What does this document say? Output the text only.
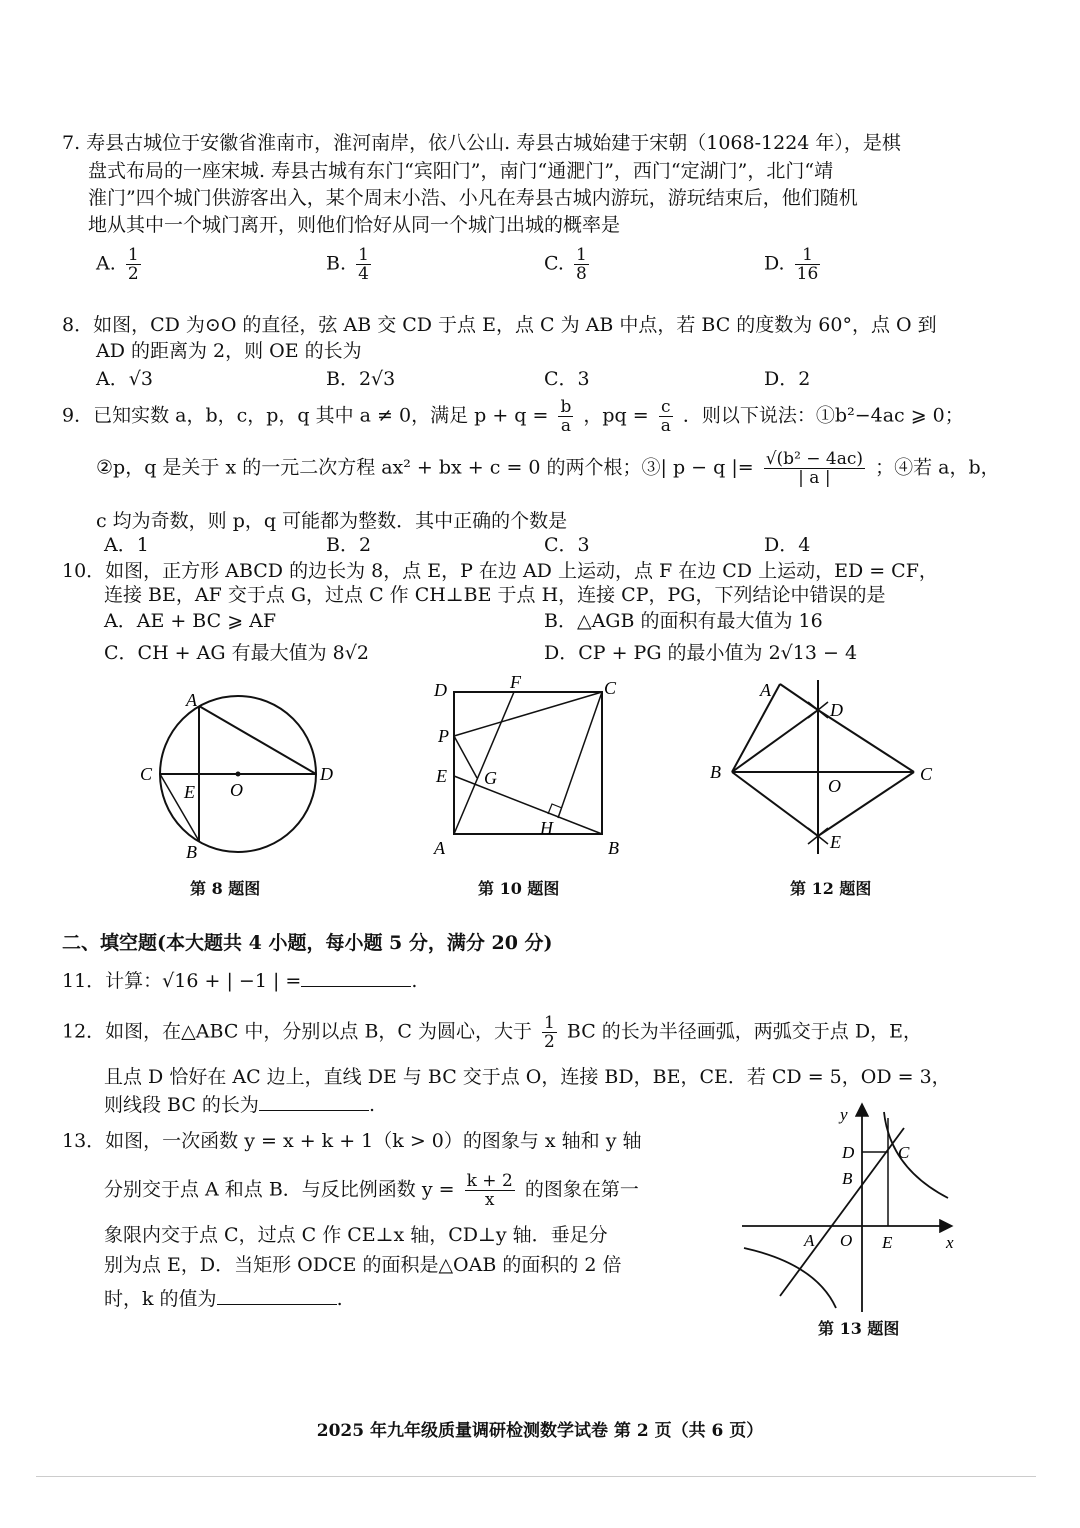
7. 寿县古城位于安徽省淮南市，淮河南岸，依八公山. 寿县古城始建于宋朝（1068-1224 年），是棋
盘式布局的一座宋城. 寿县古城有东门“宾阳门”，南门“通淝门”，西门“定湖门”，北门“靖
淮门”四个城门供游客出入，某个周末小浩、小凡在寿县古城内游玩，游玩结束后，他们随机
地从其中一个城门离开，则他们恰好从同一个城门出城的概率是
A. $\frac{1}{2}$	B. $\frac{1}{4}$	C. $\frac{1}{8}$	D. $\frac{1}{16}$
8．如图，CD 为⊙O 的直径，弦 AB 交 CD 于点 E，点 C 为 AB 中点，若 BC 的度数为 60°，点 O 到
AD 的距离为 2，则 OE 的长为
A．√3	B．2√3	C．3	D．2
9．已知实数 a，b，c，p，q 其中 a ≠ 0，满足 $p + q = \frac{b}{a}$ ，pq = $\frac{c}{a}$ ．则以下说法：①b²−4ac ⩾ 0；
②p，q 是关于 x 的一元二次方程 ax² + bx + c = 0 的两个根；③| p − q |= $\frac{\text{√(b² − 4ac)}}{| a |}$ ；④若 a，b，
c 均为奇数，则 p，q 可能都为整数．其中正确的个数是
A．1	B．2	C．3	D．4
10．如图，正方形 ABCD 的边长为 8，点 E，P 在边 AD 上运动，点 F 在边 CD 上运动，ED = CF，
连接 BE，AF 交于点 G，过点 C 作 CH⊥BE 于点 H，连接 CP，PG，下列结论中错误的是
A．AE + BC ⩾ AF	B．△AGB 的面积有最大值为 16
C．CH + AG 有最大值为 8√2	D．CP + PG 的最小值为 2√13 − 4
A
B
C	D
E O
第 8 题图
D	F	C
P
E G
H
A	B
第 10 题图
A
D
B
O
C
E
第 12 题图
二、填空题(本大题共 4 小题，每小题 5 分，满分 20 分)
11．计算：√16 + | −1 | =	.
12．如图，在△ABC 中，分别以点 B，C 为圆心，大于 $\frac{1}{2}$ BC 的长为半径画弧，两弧交于点 D，E，
且点 D 恰好在 AC 边上，直线 DE 与 BC 交于点 O，连接 BD，BE，CE．若 CD = 5，OD = 3，
则线段 BC 的长为	.
13．如图，一次函数 y = x + k + 1（k > 0）的图象与 x 轴和 y 轴
分别交于点 A 和点 B．与反比例函数 $y = \frac{k + 2}{x}$ 的图象在第一
象限内交于点 C，过点 C 作 CE⊥x 轴，CD⊥y 轴．垂足分
别为点 E，D．当矩形 ODCE 的面积是△OAB 的面积的 2 倍
时，k 的值为	.
y
D	C
B
A O E	x
第 13 题图
2025 年九年级质量调研检测数学试卷 第 2 页（共 6 页）
